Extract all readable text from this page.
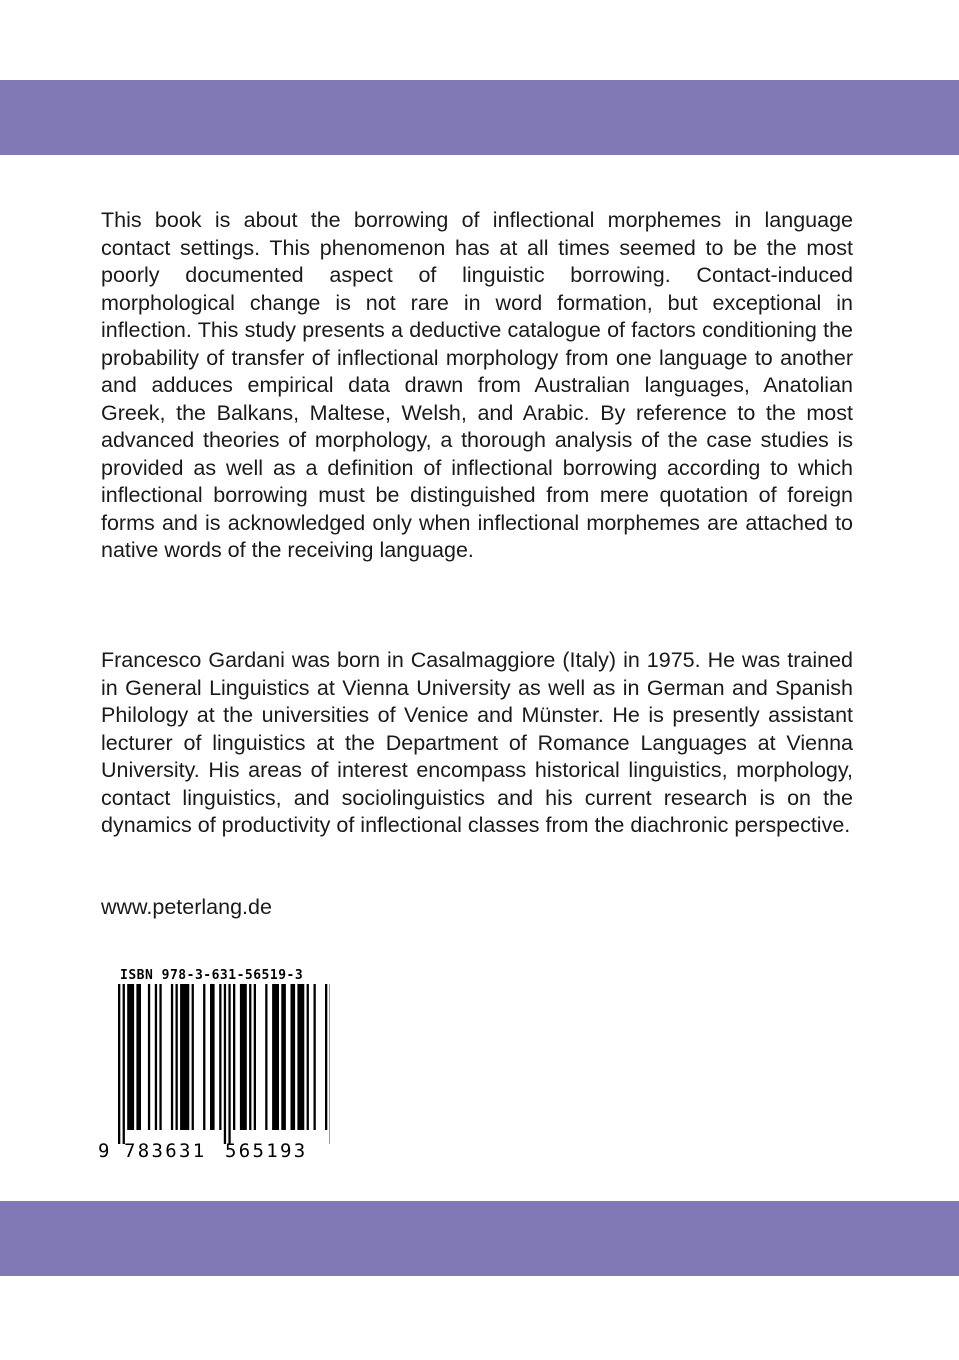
This book is about the borrowing of inflectional morphemes in language contact settings. This phenomenon has at all times seemed to be the most poorly documented aspect of linguistic borrowing. Contact-induced morphological change is not rare in word formation, but exceptional in inflection. This study presents a deductive catalogue of factors conditioning the probability of transfer of inflectional morphology from one language to another and adduces empirical data drawn from Australian languages, Anatolian Greek, the Balkans, Maltese, Welsh, and Arabic. By reference to the most advanced theories of morphology, a thorough analysis of the case studies is provided as well as a definition of inflectional borrowing according to which inflectional borrowing must be distinguished from mere quotation of foreign forms and is acknowledged only when inflectional morphemes are attached to native words of the receiving language.

Francesco Gardani was born in Casalmaggiore (Italy) in 1975. He was trained in General Linguistics at Vienna University as well as in German and Spanish Philology at the universities of Venice and Münster. He is presently assistant lecturer of linguistics at the Department of Romance Languages at Vienna University. His areas of interest encompass historical linguistics, morphology, contact linguistics, and sociolinguistics and his current research is on the dynamics of productivity of inflectional classes from the diachronic perspective.

www.peterlang.de

ISBN 978-3-631-56519-3
9 783631 565193
